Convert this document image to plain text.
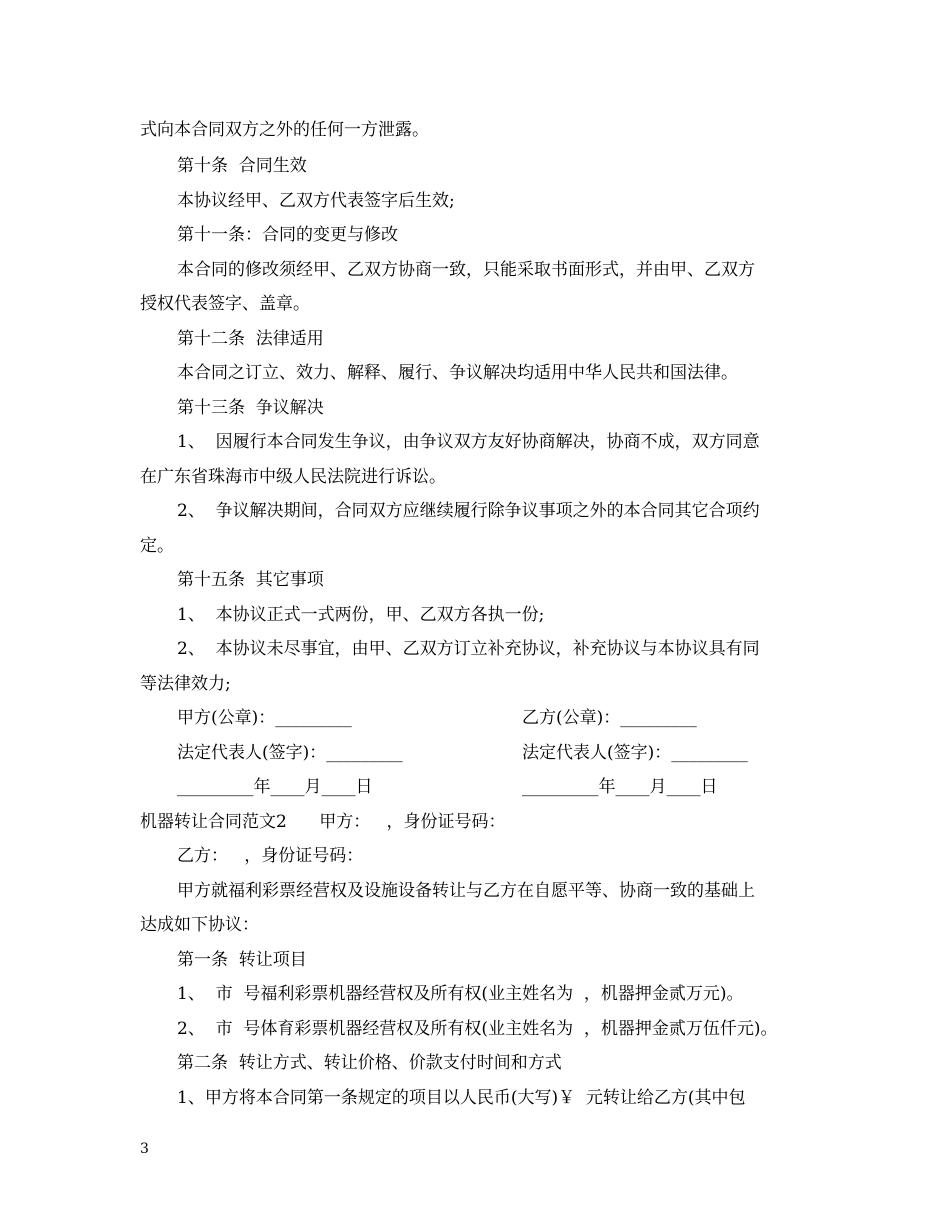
式向本合同双方之外的任何一方泄露。
第十条  合同生效
本协议经甲、乙双方代表签字后生效;
第十一条：合同的变更与修改
本合同的修改须经甲、乙双方协商一致，只能采取书面形式，并由甲、乙双方
授权代表签字、盖章。
第十二条  法律适用
本合同之订立、效力、解释、履行、争议解决均适用中华人民共和国法律。
第十三条  争议解决
1、  因履行本合同发生争议，由争议双方友好协商解决，协商不成，双方同意
在广东省珠海市中级人民法院进行诉讼。
2、  争议解决期间，合同双方应继续履行除争议事项之外的本合同其它合项约
定。
第十五条  其它事项
1、  本协议正式一式两份，甲、乙双方各执一份;
2、  本协议未尽事宜，由甲、乙双方订立补充协议，补充协议与本协议具有同
等法律效力;
甲方(公章)：_________	乙方(公章)：_________
法定代表人(签字)：_________	法定代表人(签字)：_________
_________年____月____日	_________年____月____日
机器转让合同范文2      甲方：   ，身份证号码：
乙方：   ，身份证号码：
甲方就福利彩票经营权及设施设备转让与乙方在自愿平等、协商一致的基础上
达成如下协议：
第一条  转让项目
1、  市  号福利彩票机器经营权及所有权(业主姓名为  ，机器押金贰万元)。
2、  市  号体育彩票机器经营权及所有权(业主姓名为  ，机器押金贰万伍仟元)。
第二条  转让方式、转让价格、价款支付时间和方式
1、甲方将本合同第一条规定的项目以人民币(大写)￥  元转让给乙方(其中包
3
